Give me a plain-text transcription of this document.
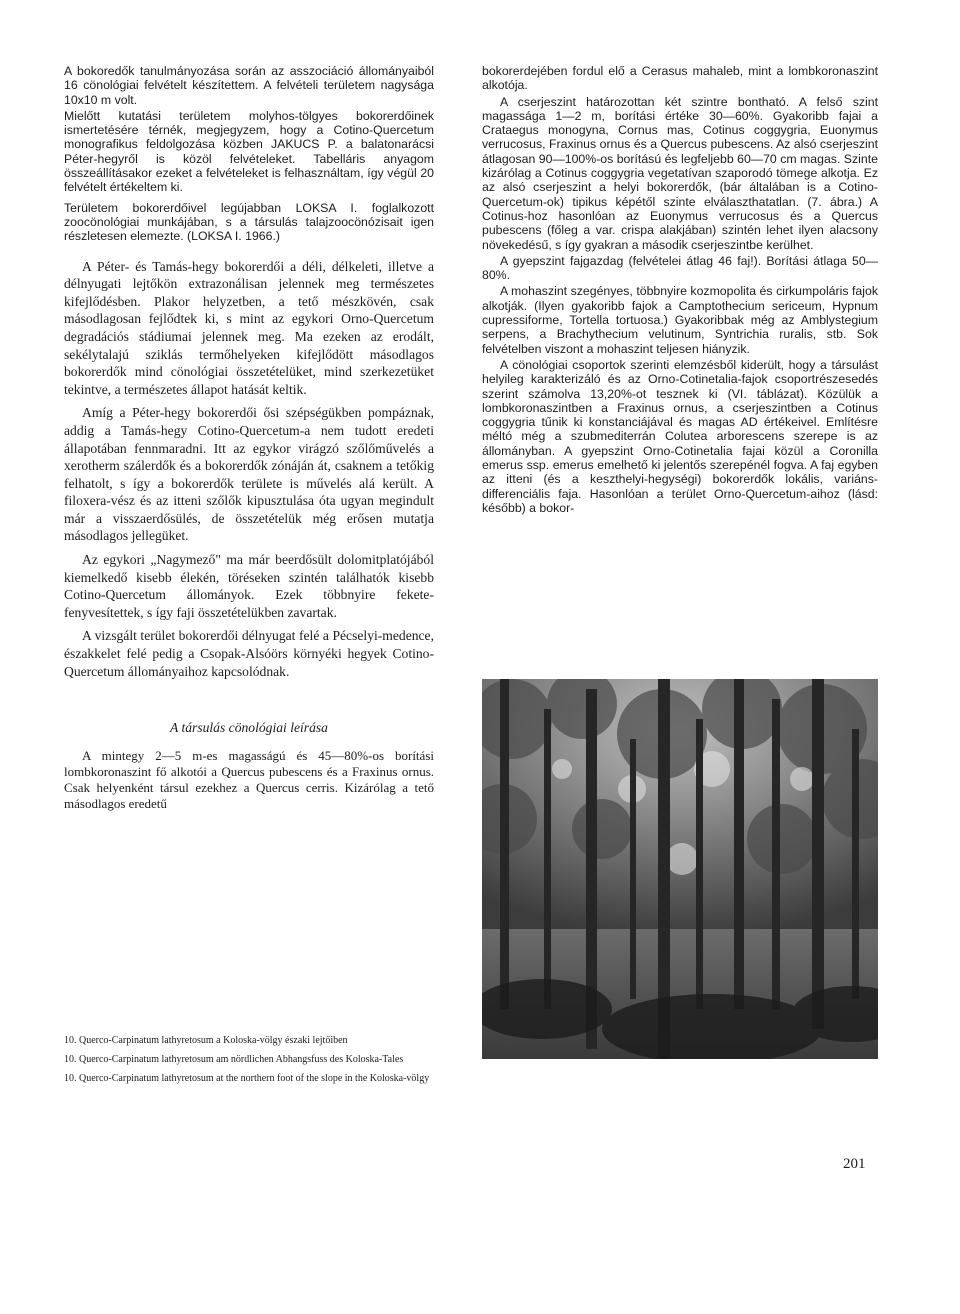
A bokoredők tanulmányozása során az asszociáció állományaiból 16 cönológiai felvételt készítettem. A felvételi területem nagysága 10x10 m volt.

Mielőtt kutatási területem molyhos-tölgyes bokorerdőinek ismertetésére térnék, megjegyzem, hogy a Cotino-Quercetum monografikus feldolgozása közben JAKUCS P. a balatonarácsi Péter-hegyről is közöl felvételeket. Tabelláris anyagom összeállításakor ezeket a felvételeket is felhasználtam, így végül 20 felvételt értékeltem ki.

Területem bokorerdőivel legújabban LOKSA I. foglalkozott zoocönológiai munkájában, s a társulás talajzoocönózisait igen részletesen elemezte. (LOKSA I. 1966.)

A Péter- és Tamás-hegy bokorerdői a déli, délkeleti, illetve a délnyugati lejtőkön extrazonálisan jelennek meg természetes kifejlődésben. Plakor helyzetben, a tető mészkövén, csak másodlagosan fejlődtek ki, s mint az egykori Orno-Quercetum degradációs stádiumai jelennek meg. Ma ezeken az erodált, sekélytalajú sziklás termőhelyeken kifejlődött másodlagos bokorerdők mind cönológiai összetételüket, mind szerkezetüket tekintve, a természetes állapot hatását keltik.

Amíg a Péter-hegy bokorerdői ősi szépségükben pompáznak, addig a Tamás-hegy Cotino-Quercetum-a nem tudott eredeti állapotában fennmaradni. Itt az egykor virágzó szőlőművelés a xerotherm szálerdők és a bokorerdők zónáján át, csaknem a tetőkig felhatolt, s így a bokorerdők területe is művelés alá került. A filoxera-vész és az itteni szőlők kipusztulása óta ugyan megindult már a visszaerdősülés, de összetételük még erősen mutatja másodlagos jellegüket.

Az egykori „Nagymező" ma már beerdősült dolomitplatójából kiemelkedő kisebb élekén, töréseken szintén találhatók kisebb Cotino-Quercetum állományok. Ezek többnyire fekete-fenyvesítettek, s így faji összetételükben zavartak.

A vizsgált terület bokorerdői délnyugat felé a Pécselyi-medence, északkelet felé pedig a Csopak-Alsóörs környéki hegyek Cotino-Quercetum állományaihoz kapcsolódnak.

A társulás cönológiai leírása

A mintegy 2—5 m-es magasságú és 45—80%-os borítási lombkoronaszint fő alkotói a Quercus pubescens és a Fraxinus ornus. Csak helyenként társul ezekhez a Quercus cerris. Kizárólag a tető másodlagos eredetű

bokorerdejében fordul elő a Cerasus mahaleb, mint a lombkoronaszint alkotója.

A cserjeszint határozottan két szintre bontható. A felső szint magassága 1—2 m, borítási értéke 30—60%. Gyakoribb fajai a Crataegus monogyna, Cornus mas, Cotinus coggygria, Euonymus verrucosus, Fraxinus ornus és a Quercus pubescens. Az alsó cserjeszint átlagosan 90—100%-os borítású és legfeljebb 60—70 cm magas. Szinte kizárólag a Cotinus coggygria vegetatívan szaporodó tömege alkotja. Ez az alsó cserjeszint a helyi bokorerdők, (bár általában is a Cotino-Quercetum-ok) tipikus képétől szinte elválaszthatatlan. (7. ábra.) A Cotinus-hoz hasonlóan az Euonymus verrucosus és a Quercus pubescens (főleg a var. crispa alakjában) szintén lehet ilyen alacsony növekedésű, s így gyakran a második cserjeszintbe kerülhet.

A gyepszint fajgazdag (felvételei átlag 46 faj!). Borítási átlaga 50—80%.

A mohaszint szegényes, többnyire kozmopolita és cirkumpoláris fajok alkotják. (Ilyen gyakoribb fajok a Camptothecium sericeum, Hypnum cupressiforme, Tortella tortuosa.) Gyakoribbak még az Amblystegium serpens, a Brachythecium velutinum, Syntrichia ruralis, stb. Sok felvételben viszont a mohaszint teljesen hiányzik.

A cönológiai csoportok szerinti elemzésből kiderült, hogy a társulást helyileg karakterizáló és az Orno-Cotinetalia-fajok csoportrészesedés szerint számolva 13,20%-ot tesznek ki (VI. táblázat). Közülük a lombkoronaszintben a Fraxinus ornus, a cserjeszintben a Cotinus coggygria tűnik ki konstanciájával és magas AD értékeivel. Említésre méltó még a szubmediterrán Colutea arborescens szerepe is az állományban. A gyepszint Orno-Cotinetalia fajai közül a Coronilla emerus ssp. emerus emelhető ki jelentős szerepénél fogva. A faj egyben az itteni (és a keszthelyi-hegységi) bokorerdők lokális, variáns-differenciális faja. Hasonlóan a terület Orno-Quercetum-aihoz (lásd: később) a bokor-

10. Querco-Carpinatum lathyretosum a Koloska-völgy északi lejtőiben

10. Querco-Carpinatum lathyretosum am nördlichen Abhangsfuss des Koloska-Tales

10. Querco-Carpinatum lathyretosum at the northern foot of the slope in the Koloska-völgy

201
